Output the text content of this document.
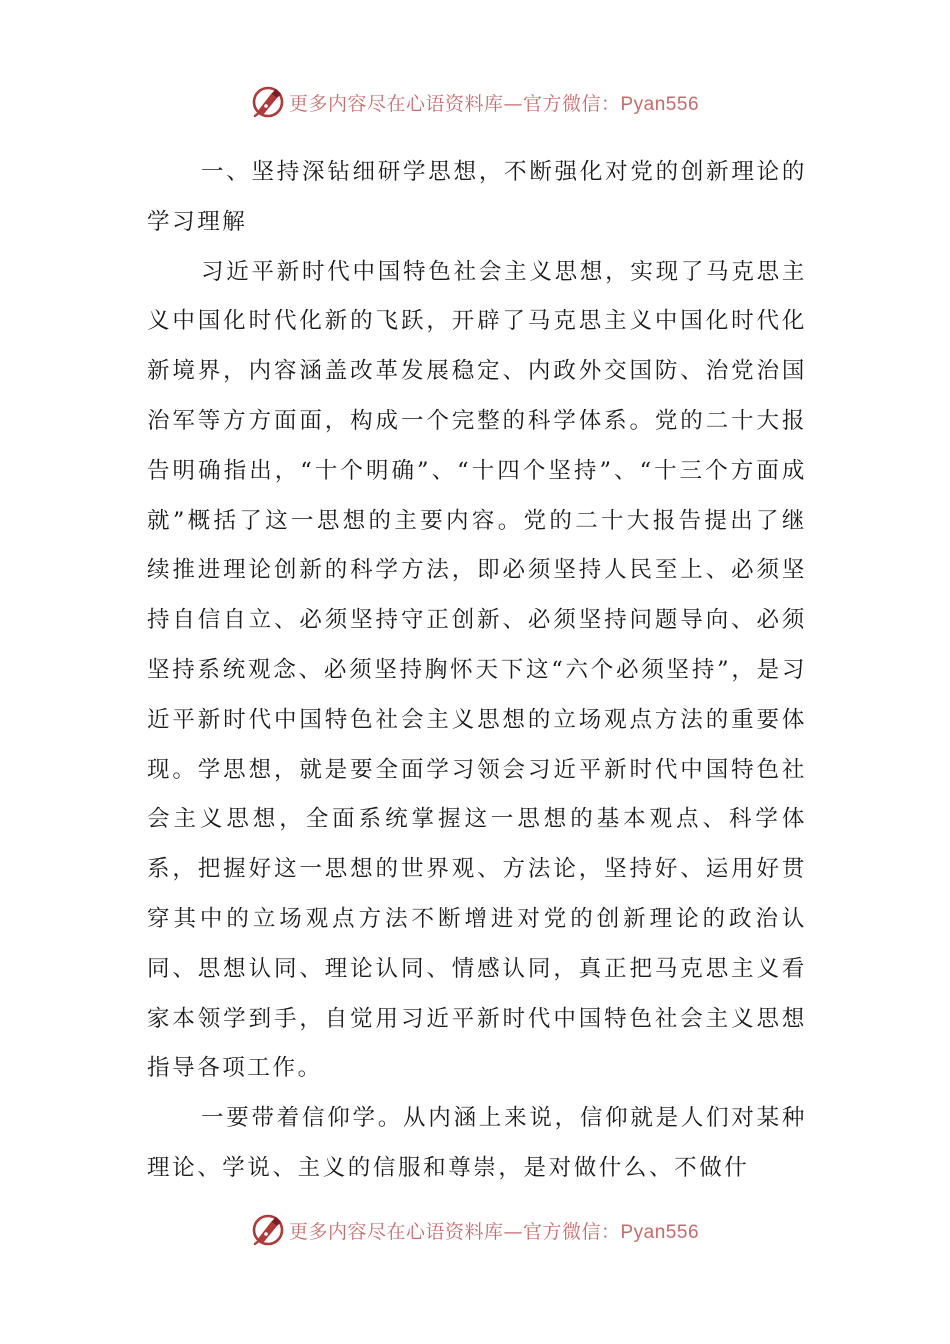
更多内容尽在心语资料库—官方微信：Pyan556

一、坚持深钻细研学思想，不断强化对党的创新理论的学习理解

习近平新时代中国特色社会主义思想，实现了马克思主义中国化时代化新的飞跃，开辟了马克思主义中国化时代化新境界，内容涵盖改革发展稳定、内政外交国防、治党治国治军等方方面面，构成一个完整的科学体系。党的二十大报告明确指出，“十个明确”、“十四个坚持”、“十三个方面成就”概括了这一思想的主要内容。党的二十大报告提出了继续推进理论创新的科学方法，即必须坚持人民至上、必须坚持自信自立、必须坚持守正创新、必须坚持问题导向、必须坚持系统观念、必须坚持胸怀天下这“六个必须坚持”，是习近平新时代中国特色社会主义思想的立场观点方法的重要体现。学思想，就是要全面学习领会习近平新时代中国特色社会主义思想，全面系统掌握这一思想的基本观点、科学体系，把握好这一思想的世界观、方法论，坚持好、运用好贯穿其中的立场观点方法不断增进对党的创新理论的政治认同、思想认同、理论认同、情感认同，真正把马克思主义看家本领学到手，自觉用习近平新时代中国特色社会主义思想指导各项工作。

一要带着信仰学。从内涵上来说，信仰就是人们对某种理论、学说、主义的信服和尊崇，是对做什么、不做什

更多内容尽在心语资料库—官方微信：Pyan556
